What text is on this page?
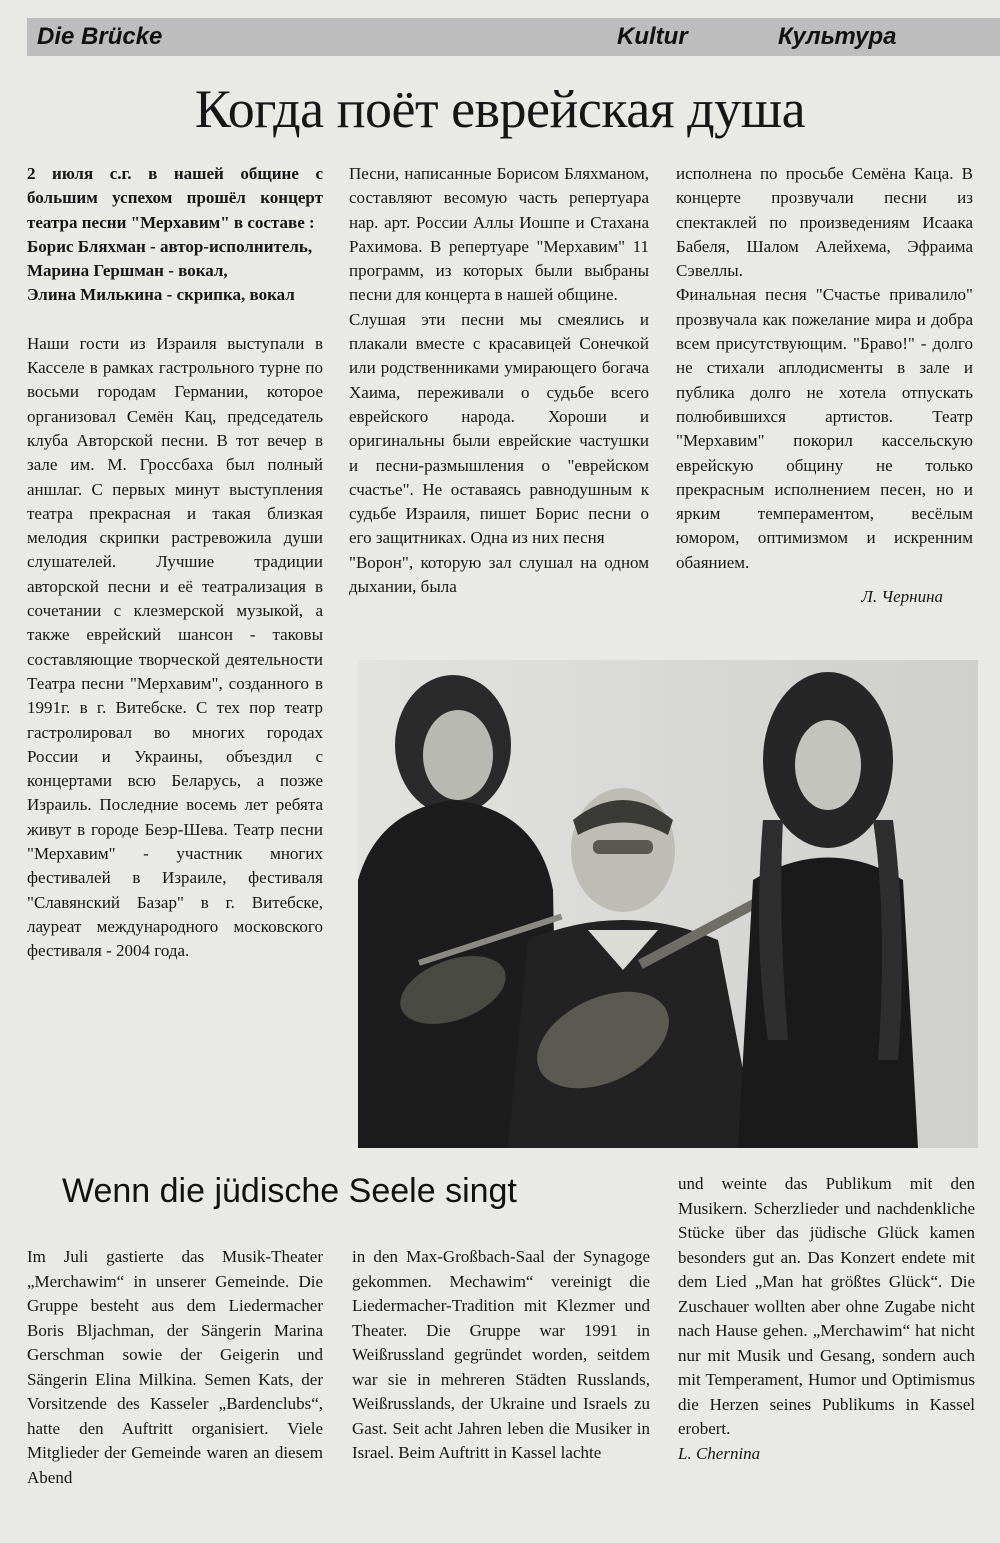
Die Brücke	Kultur	Культура
Когда поёт еврейская душа

2 июля с.г. в нашей общине с большим успехом прошёл концерт театра песни "Мерхавим" в составе :

Борис Бляхман - автор-исполнитель,

Марина Гершман - вокал,

Элина Милькина - скрипка, вокал

Наши гости из Израиля выступали в Касселе в рамках гастрольного турне по восьми городам Германии, которое организовал Семён Кац, председатель клуба Авторской песни. В тот вечер в зале им. М. Гроссбаха был полный аншлаг. С первых минут выступления театра прекрасная и такая близкая мелодия скрипки растревожила души слушателей. Лучшие традиции авторской песни и её театрализация в сочетании с клезмерской музыкой, а также еврейский шансон - таковы составляющие творческой деятельности Театра песни "Мерхавим", созданного в 1991г. в г. Витебске. С тех пор театр гастролировал во многих городах России и Украины, объездил с концертами всю Беларусь, а позже Израиль. Последние восемь лет ребята живут в городе Беэр-Шева. Театр песни "Мерхавим" - участник многих фестивалей в Израиле, фестиваля "Славянский Базар" в г. Витебске, лауреат международного московского фестиваля - 2004 года.

Песни, написанные Борисом Бляхманом, составляют весомую часть репертуара нар. арт. России Аллы Иошпе и Стахана Рахимова. В репертуаре "Мерхавим" 11 программ, из которых были выбраны песни для концерта в нашей общине.

Слушая эти песни мы смеялись и плакали вместе с красавицей Сонечкой или родственниками умирающего богача Хаима, переживали о судьбе всего еврейского народа. Хороши и оригинальны были еврейские частушки и песни-размышления о "еврейском счастье". Не оставаясь равнодушным к судьбе Израиля, пишет Борис песни о его защитниках. Одна из них песня

"Ворон", которую зал слушал на одном дыхании, была

исполнена по просьбе Семёна Каца. В концерте прозвучали песни из спектаклей по произведениям Исаака Бабеля, Шалом Алейхема, Эфраима Сэвеллы.

Финальная песня "Счастье привалило" прозвучала как пожелание мира и добра всем присутствующим. "Браво!" - долго не стихали аплодисменты в зале и публика долго не хотела отпускать полюбившихся артистов. Театр "Мерхавим" покорил кассельскую еврейскую общину не только прекрасным исполнением песен, но и ярким темпераментом, весёлым юмором, оптимизмом и искренним обаянием.

Л. Чернина

Wenn die jüdische Seele singt

Im Juli gastierte das Musik-Theater „Merchawim“ in unserer Gemeinde. Die Gruppe besteht aus dem Liedermacher Boris Bljachman, der Sängerin Marina Gerschman sowie der Geigerin und Sängerin Elina Milkina. Semen Kats, der Vorsitzende des Kasseler „Bardenclubs“, hatte den Auftritt organisiert. Viele Mitglieder der Gemeinde waren an diesem Abend

in den Max-Großbach-Saal der Synagoge gekommen. Mechawim“ vereinigt die Liedermacher-Tradition mit Klezmer und Theater. Die Gruppe war 1991 in Weißrussland gegründet worden, seitdem war sie in mehreren Städten Russlands, Weißrusslands, der Ukraine und Israels zu Gast. Seit acht Jahren leben die Musiker in Israel. Beim Auftritt in Kassel lachte

und weinte das Publikum mit den Musikern. Scherzlieder und nachdenkliche Stücke über das jüdische Glück kamen besonders gut an. Das Konzert endete mit dem Lied „Man hat größtes Glück“. Die Zuschauer wollten aber ohne Zugabe nicht nach Hause gehen. „Merchawim“ hat nicht nur mit Musik und Gesang, sondern auch mit Temperament, Humor und Optimismus die Herzen seines Publikums in Kassel erobert.

L. Chernina
